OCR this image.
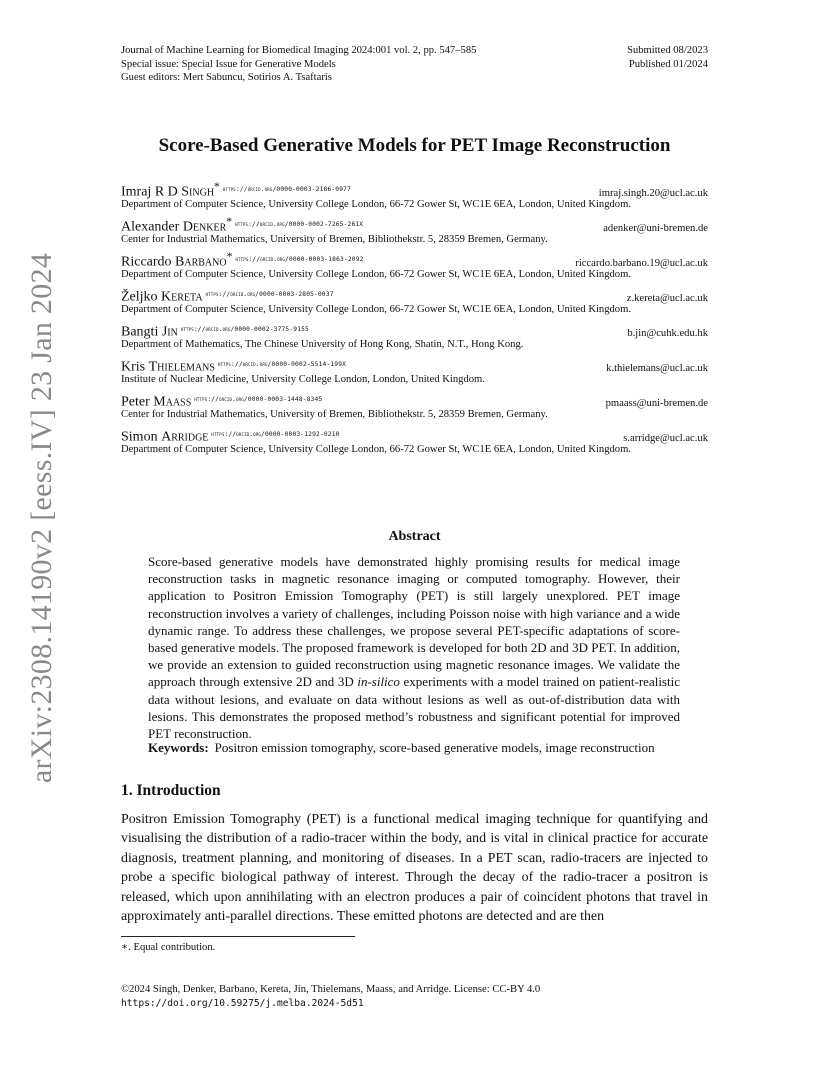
arXiv:2308.14190v2 [eess.IV] 23 Jan 2024
Journal of Machine Learning for Biomedical Imaging 2024:001 vol. 2, pp. 547–585	Submitted 08/2023
Special issue: Special Issue for Generative Models	Published 01/2024
Guest editors: Mert Sabuncu, Sotirios A. Tsaftaris
Score-Based Generative Models for PET Image Reconstruction
Imraj R D Singh* $^{https://orcid.org/0000-0003-2186-0977}$	imraj.singh.20@ucl.ac.uk
Department of Computer Science, University College London, 66-72 Gower St, WC1E 6EA, London, United Kingdom.
Alexander Denker* $^{https://orcid.org/0000-0002-7265-261X}$	adenker@uni-bremen.de
Center for Industrial Mathematics, University of Bremen, Bibliothekstr. 5, 28359 Bremen, Germany.
Riccardo Barbano* $^{https://orcid.org/0000-0003-1863-2092}$	riccardo.barbano.19@ucl.ac.uk
Department of Computer Science, University College London, 66-72 Gower St, WC1E 6EA, London, United Kingdom.
Željko Kereta $^{https://orcid.org/0000-0003-2805-0037}$	z.kereta@ucl.ac.uk
Department of Computer Science, University College London, 66-72 Gower St, WC1E 6EA, London, United Kingdom.
Bangti Jin $^{https://orcid.org/0000-0002-3775-9155}$	b.jin@cuhk.edu.hk
Department of Mathematics, The Chinese University of Hong Kong, Shatin, N.T., Hong Kong.
Kris Thielemans $^{https://orcid.org/0000-0002-5514-199X}$	k.thielemans@ucl.ac.uk
Institute of Nuclear Medicine, University College London, London, United Kingdom.
Peter Maass $^{https://orcid.org/0000-0003-1448-8345}$	pmaass@uni-bremen.de
Center for Industrial Mathematics, University of Bremen, Bibliothekstr. 5, 28359 Bremen, Germany.
Simon Arridge $^{https://orcid.org/0000-0003-1292-0210}$	s.arridge@ucl.ac.uk
Department of Computer Science, University College London, 66-72 Gower St, WC1E 6EA, London, United Kingdom.
Abstract
Score-based generative models have demonstrated highly promising results for medical image reconstruction tasks in magnetic resonance imaging or computed tomography. However, their application to Positron Emission Tomography (PET) is still largely unexplored. PET image reconstruction involves a variety of challenges, including Poisson noise with high variance and a wide dynamic range. To address these challenges, we propose several PET-specific adaptations of score-based generative models. The proposed framework is developed for both 2D and 3D PET. In addition, we provide an extension to guided reconstruction using magnetic resonance images. We validate the approach through extensive 2D and 3D in-silico experiments with a model trained on patient-realistic data without lesions, and evaluate on data without lesions as well as out-of-distribution data with lesions. This demonstrates the proposed method’s robustness and significant potential for improved PET reconstruction.
Keywords: Positron emission tomography, score-based generative models, image reconstruction
1. Introduction
Positron Emission Tomography (PET) is a functional medical imaging technique for quantifying and visualising the distribution of a radio-tracer within the body, and is vital in clinical practice for accurate diagnosis, treatment planning, and monitoring of diseases. In a PET scan, radio-tracers are injected to probe a specific biological pathway of interest. Through the decay of the radio-tracer a positron is released, which upon annihilating with an electron produces a pair of coincident photons that travel in approximately anti-parallel directions. These emitted photons are detected and are then
∗. Equal contribution.
©2024 Singh, Denker, Barbano, Kereta, Jin, Thielemans, Maass, and Arridge. License: CC-BY 4.0
https://doi.org/10.59275/j.melba.2024-5d51
